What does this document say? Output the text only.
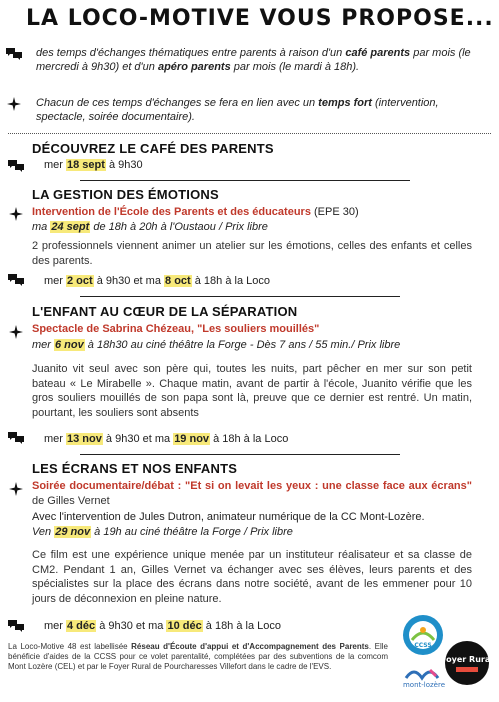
LA LOCO-MOTIVE VOUS PROPOSE...
des temps d'échanges thématiques entre parents à raison d'un café parents par mois (le mercredi à 9h30) et d'un apéro parents par mois (le mardi à 18h).
Chacun de ces temps d'échanges se fera en lien avec un temps fort (intervention, spectacle, soirée documentaire).
DÉCOUVREZ LE CAFÉ DES PARENTS
mer 18 sept à 9h30
LA GESTION DES ÉMOTIONS
Intervention de l'École des Parents et des éducateurs (EPE 30)
ma 24 sept de 18h à 20h à l'Oustaou / Prix libre
2 professionnels viennent animer un atelier sur les émotions, celles des enfants et celles des parents.
mer 2 oct à 9h30 et ma 8 oct à 18h à la Loco
L'ENFANT AU CŒUR DE LA SÉPARATION
Spectacle de Sabrina Chézeau, "Les souliers mouillés"
mer 6 nov à 18h30 au ciné théâtre la Forge - Dès 7 ans / 55 min./ Prix libre
Juanito vit seul avec son père qui, toutes les nuits, part pêcher en mer sur son petit bateau « Le Mirabelle ». Chaque matin, avant de partir à l'école, Juanito vérifie que les gros souliers mouillés de son papa sont là, preuve que ce dernier est rentré. Un matin, pourtant, les souliers sont absents
mer 13 nov à 9h30 et ma 19 nov à 18h à la Loco
LES ÉCRANS ET NOS ENFANTS
Soirée documentaire/débat : "Et si on levait les yeux : une classe face aux écrans" de Gilles Vernet
Avec l'intervention de Jules Dutron, animateur numérique de la CC Mont-Lozère.
Ven 29 nov à 19h au ciné théâtre la Forge / Prix libre
Ce film est une expérience unique menée par un instituteur réalisateur et sa classe de CM2. Pendant 1 an, Gilles Vernet va échanger avec ses élèves, leurs parents et des spécialistes sur la place des écrans dans notre société, avant de les emmener pour 10 jours de déconnexion en pleine nature.
mer 4 déc à 9h30 et ma 10 déc à 18h à la Loco
La Loco-Motive 48 est labellisée Réseau d'Écoute d'appui et d'Accompagnement des Parents. Elle bénéficie d'aides de la CCSS pour ce volet parentalité, complétées par des subventions de la comcom Mont Lozère (CEL) et par le Foyer Rural de Pourcharesses Villefort dans le cadre de l'EVS.
CCSS
Foyer Rural
mont-lozère
